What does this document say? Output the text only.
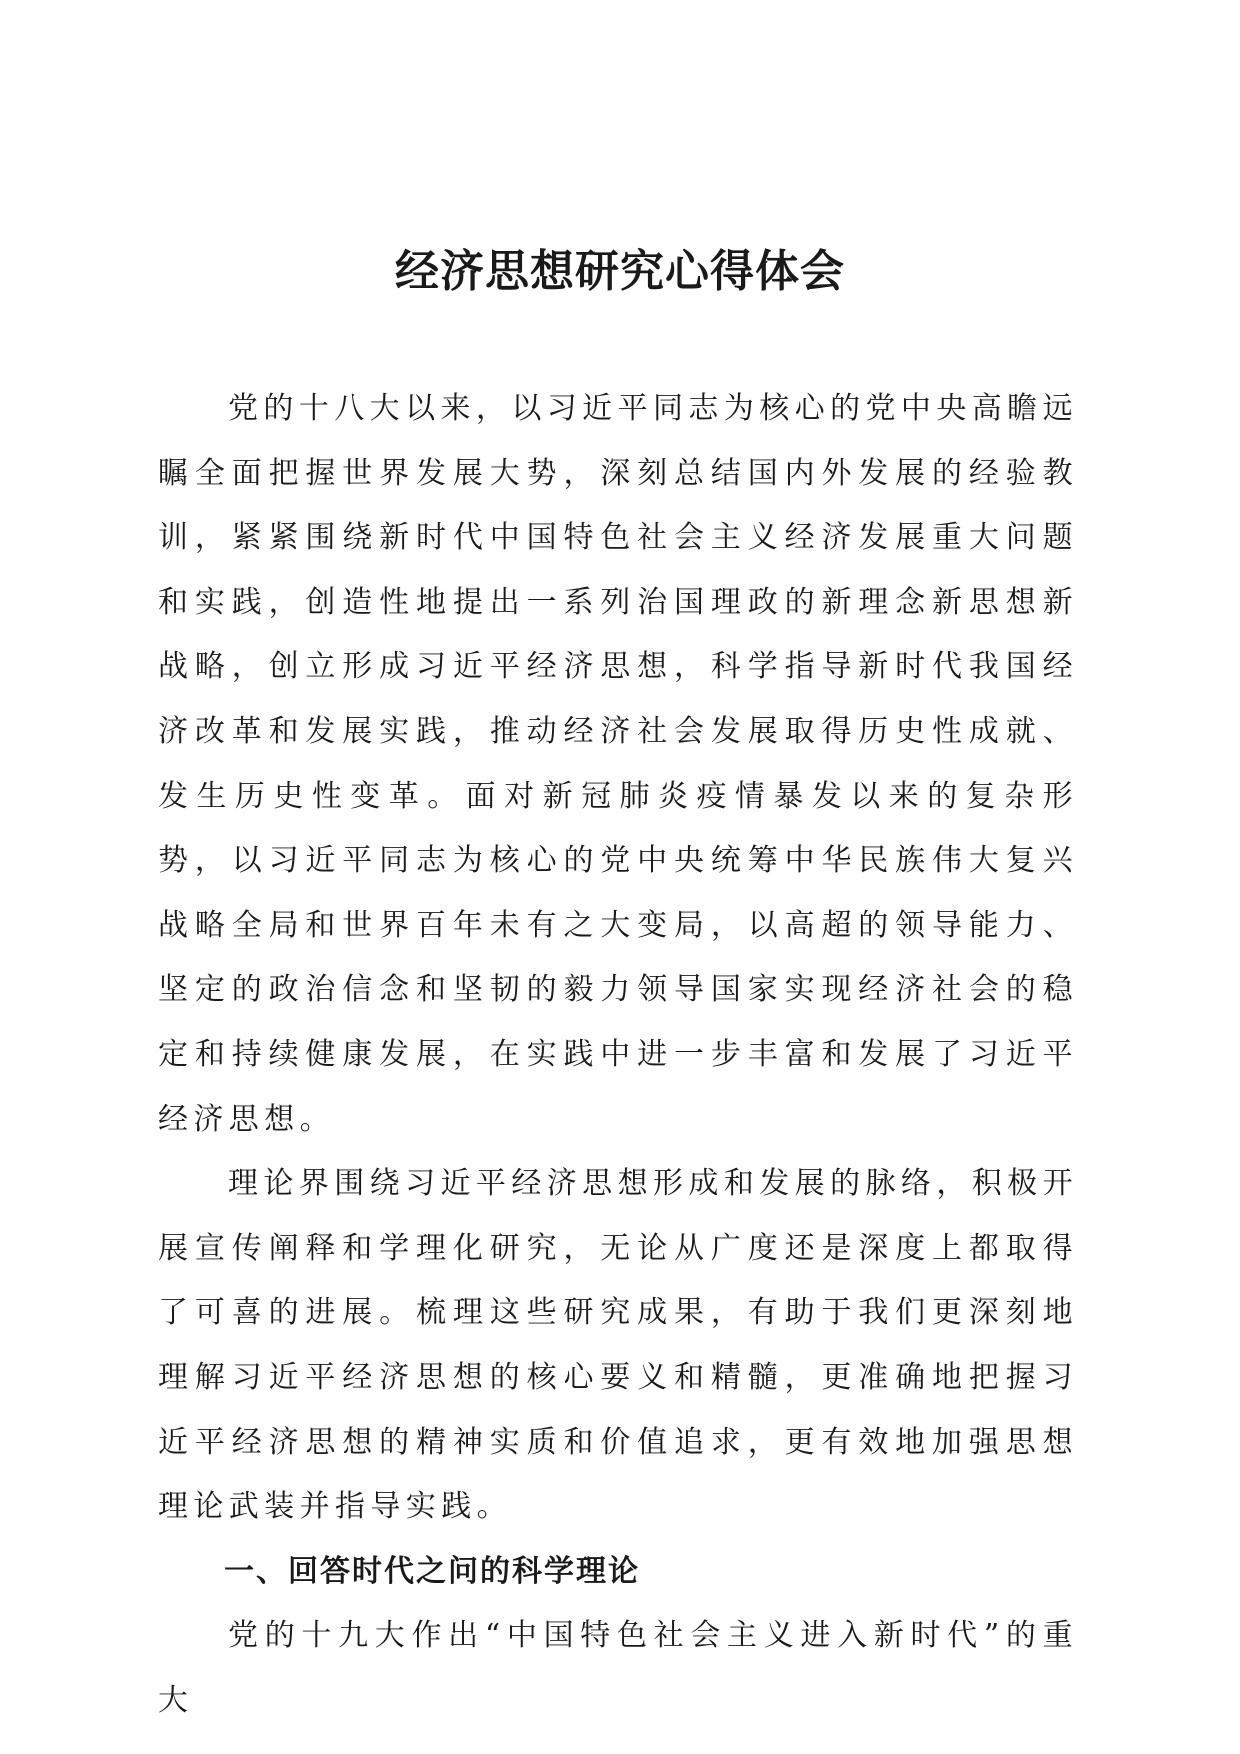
经济思想研究心得体会

党的十八大以来，以习近平同志为核心的党中央高瞻远瞩全面把握世界发展大势，深刻总结国内外发展的经验教训，紧紧围绕新时代中国特色社会主义经济发展重大问题和实践，创造性地提出一系列治国理政的新理念新思想新战略，创立形成习近平经济思想，科学指导新时代我国经济改革和发展实践，推动经济社会发展取得历史性成就、发生历史性变革。面对新冠肺炎疫情暴发以来的复杂形势，以习近平同志为核心的党中央统筹中华民族伟大复兴战略全局和世界百年未有之大变局，以高超的领导能力、坚定的政治信念和坚韧的毅力领导国家实现经济社会的稳定和持续健康发展，在实践中进一步丰富和发展了习近平经济思想。

理论界围绕习近平经济思想形成和发展的脉络，积极开展宣传阐释和学理化研究，无论从广度还是深度上都取得了可喜的进展。梳理这些研究成果，有助于我们更深刻地理解习近平经济思想的核心要义和精髓，更准确地把握习近平经济思想的精神实质和价值追求，更有效地加强思想理论武装并指导实践。

一、回答时代之问的科学理论

党的十九大作出“中国特色社会主义进入新时代”的重大
